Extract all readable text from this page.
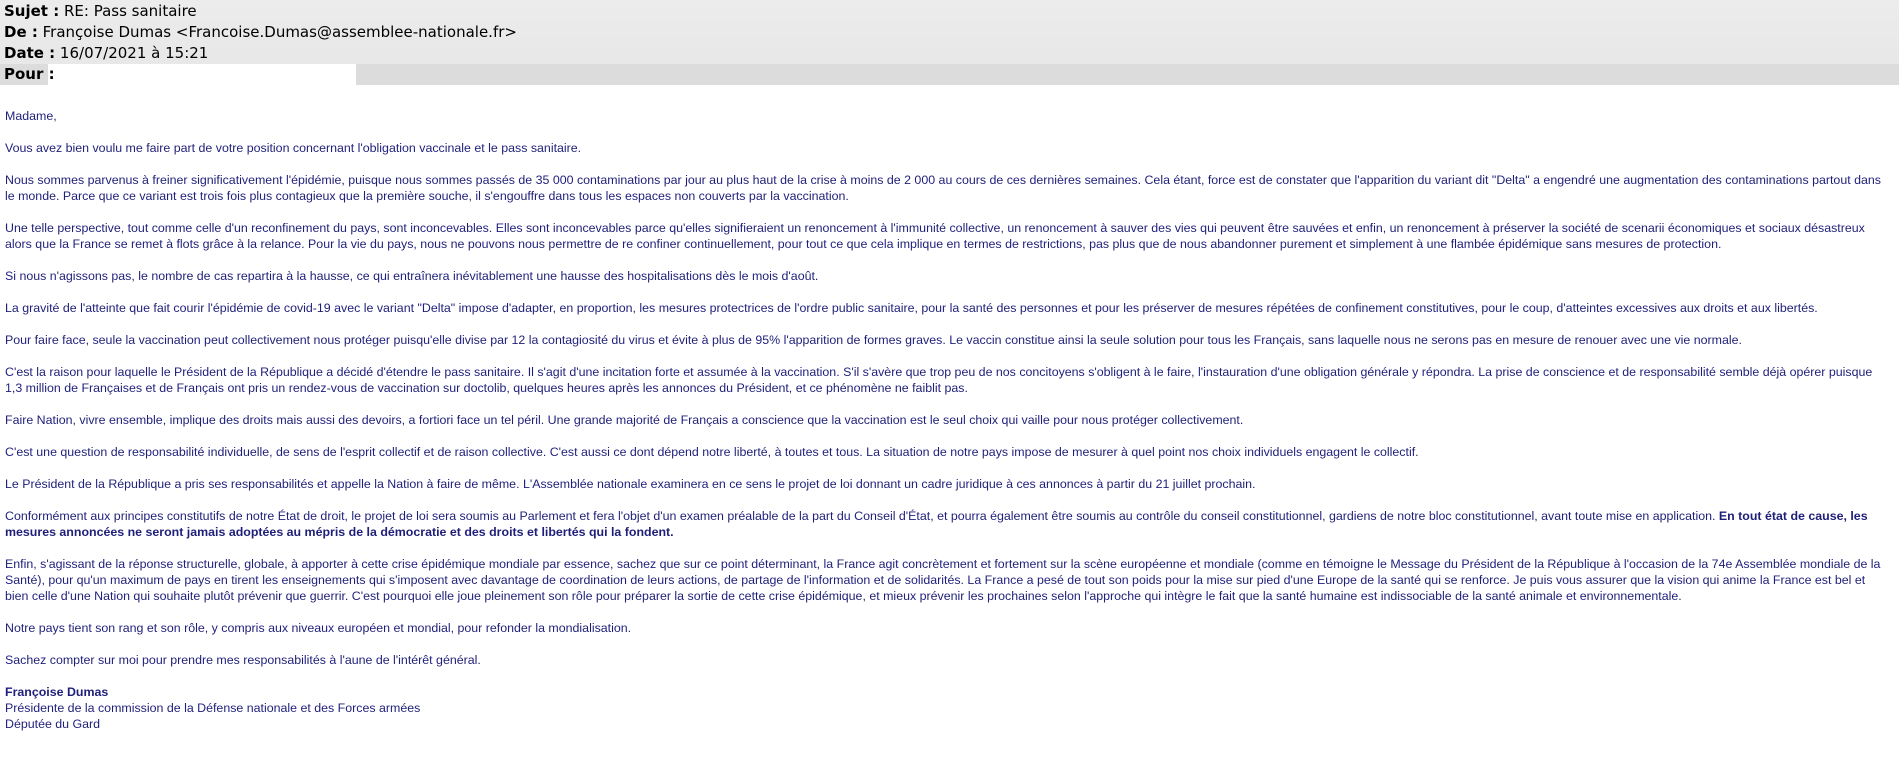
Sujet : RE: Pass sanitaire
De : Françoise Dumas <Francoise.Dumas@assemblee-nationale.fr>
Date : 16/07/2021 à 15:21
Pour :

Madame,

Vous avez bien voulu me faire part de votre position concernant l'obligation vaccinale et le pass sanitaire.

Nous sommes parvenus à freiner significativement l'épidémie, puisque nous sommes passés de 35 000 contaminations par jour au plus haut de la crise à moins de 2 000 au cours de ces dernières semaines. Cela étant, force est de constater que l'apparition du variant dit "Delta" a engendré une augmentation des contaminations partout dans le monde. Parce que ce variant est trois fois plus contagieux que la première souche, il s'engouffre dans tous les espaces non couverts par la vaccination.

Une telle perspective, tout comme celle d'un reconfinement du pays, sont inconcevables. Elles sont inconcevables parce qu'elles signifieraient un renoncement à l'immunité collective, un renoncement à sauver des vies qui peuvent être sauvées et enfin, un renoncement à préserver la société de scenarii économiques et sociaux désastreux alors que la France se remet à flots grâce à la relance. Pour la vie du pays, nous ne pouvons nous permettre de re confiner continuellement, pour tout ce que cela implique en termes de restrictions, pas plus que de nous abandonner purement et simplement à une flambée épidémique sans mesures de protection.

Si nous n'agissons pas, le nombre de cas repartira à la hausse, ce qui entraînera inévitablement une hausse des hospitalisations dès le mois d'août.

La gravité de l'atteinte que fait courir l'épidémie de covid-19 avec le variant "Delta" impose d'adapter, en proportion, les mesures protectrices de l'ordre public sanitaire, pour la santé des personnes et pour les préserver de mesures répétées de confinement constitutives, pour le coup, d'atteintes excessives aux droits et aux libertés.

Pour faire face, seule la vaccination peut collectivement nous protéger puisqu'elle divise par 12 la contagiosité du virus et évite à plus de 95% l'apparition de formes graves. Le vaccin constitue ainsi la seule solution pour tous les Français, sans laquelle nous ne serons pas en mesure de renouer avec une vie normale.

C'est la raison pour laquelle le Président de la République a décidé d'étendre le pass sanitaire. Il s'agit d'une incitation forte et assumée à la vaccination. S'il s'avère que trop peu de nos concitoyens s'obligent à le faire, l'instauration d'une obligation générale y répondra. La prise de conscience et de responsabilité semble déjà opérer puisque 1,3 million de Françaises et de Français ont pris un rendez-vous de vaccination sur doctolib, quelques heures après les annonces du Président, et ce phénomène ne faiblit pas.

Faire Nation, vivre ensemble, implique des droits mais aussi des devoirs, a fortiori face un tel péril. Une grande majorité de Français a conscience que la vaccination est le seul choix qui vaille pour nous protéger collectivement.

C'est une question de responsabilité individuelle, de sens de l'esprit collectif et de raison collective. C'est aussi ce dont dépend notre liberté, à toutes et tous. La situation de notre pays impose de mesurer à quel point nos choix individuels engagent le collectif.

Le Président de la République a pris ses responsabilités et appelle la Nation à faire de même. L'Assemblée nationale examinera en ce sens le projet de loi donnant un cadre juridique à ces annonces à partir du 21 juillet prochain.

Conformément aux principes constitutifs de notre État de droit, le projet de loi sera soumis au Parlement et fera l'objet d'un examen préalable de la part du Conseil d'État, et pourra également être soumis au contrôle du conseil constitutionnel, gardiens de notre bloc constitutionnel, avant toute mise en application. En tout état de cause, les mesures annoncées ne seront jamais adoptées au mépris de la démocratie et des droits et libertés qui la fondent.

Enfin, s'agissant de la réponse structurelle, globale, à apporter à cette crise épidémique mondiale par essence, sachez que sur ce point déterminant, la France agit concrètement et fortement sur la scène européenne et mondiale (comme en témoigne le Message du Président de la République à l'occasion de la 74e Assemblée mondiale de la Santé), pour qu'un maximum de pays en tirent les enseignements qui s'imposent avec davantage de coordination de leurs actions, de partage de l'information et de solidarités. La France a pesé de tout son poids pour la mise sur pied d'une Europe de la santé qui se renforce. Je puis vous assurer que la vision qui anime la France est bel et bien celle d'une Nation qui souhaite plutôt prévenir que guerrir. C'est pourquoi elle joue pleinement son rôle pour préparer la sortie de cette crise épidémique, et mieux prévenir les prochaines selon l'approche qui intègre le fait que la santé humaine est indissociable de la santé animale et environnementale.

Notre pays tient son rang et son rôle, y compris aux niveaux européen et mondial, pour refonder la mondialisation.

Sachez compter sur moi pour prendre mes responsabilités à l'aune de l'intérêt général.

Françoise Dumas
Présidente de la commission de la Défense nationale et des Forces armées
Députée du Gard
